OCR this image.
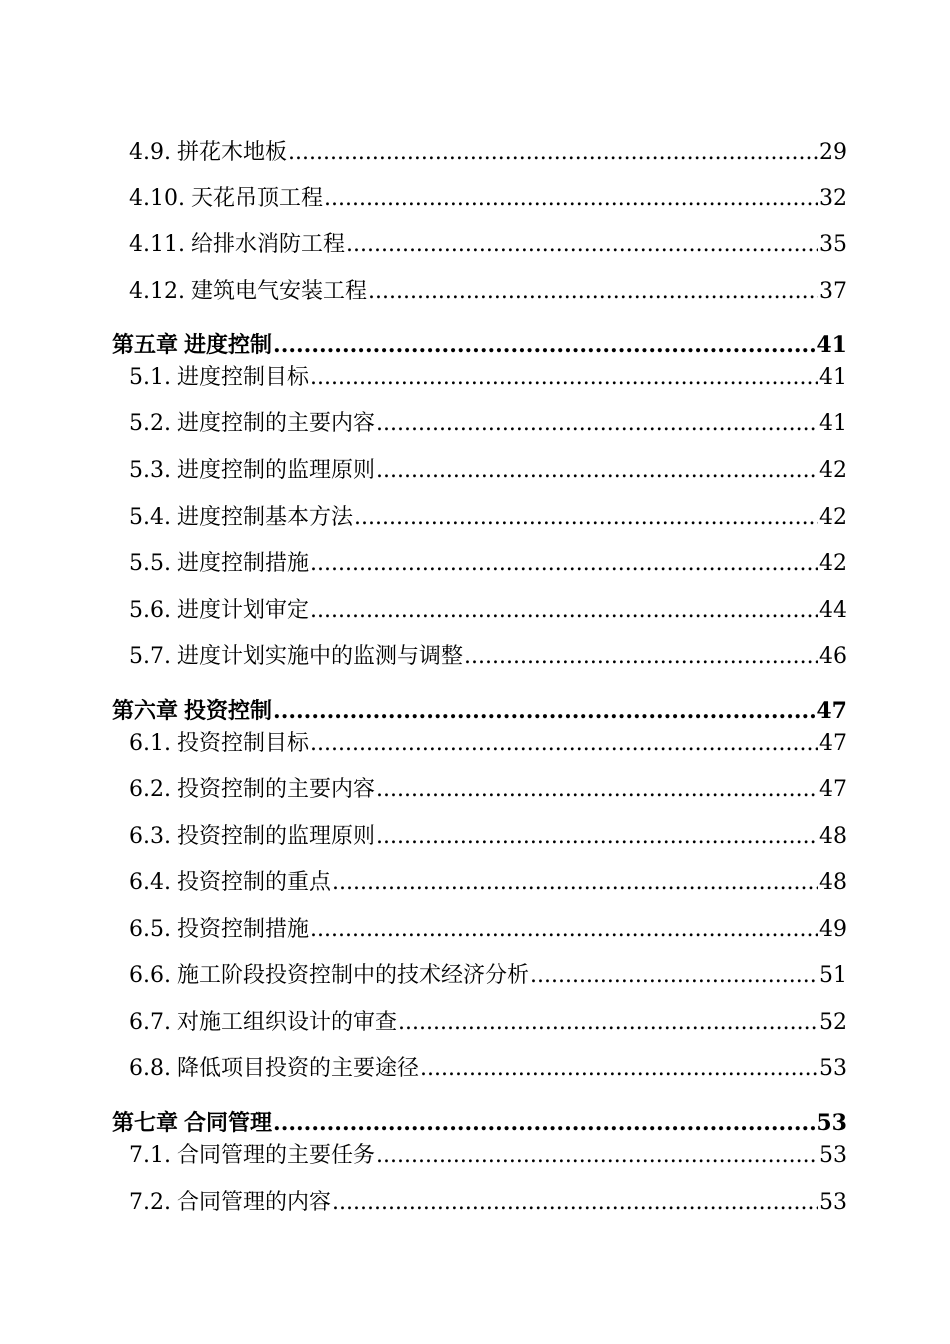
4.9. 拼花木地板 .....	29
4.10. 天花吊顶工程 .....	32
4.11. 给排水消防工程 .....	35
4.12. 建筑电气安装工程 .....	37
第五章 进度控制 .....	41
5.1. 进度控制目标 .....	41
5.2. 进度控制的主要内容 .....	41
5.3. 进度控制的监理原则 .....	42
5.4. 进度控制基本方法 .....	42
5.5. 进度控制措施 .....	42
5.6. 进度计划审定 .....	44
5.7. 进度计划实施中的监测与调整 .....	46
第六章 投资控制 .....	47
6.1. 投资控制目标 .....	47
6.2. 投资控制的主要内容 .....	47
6.3. 投资控制的监理原则 .....	48
6.4. 投资控制的重点 .....	48
6.5. 投资控制措施 .....	49
6.6. 施工阶段投资控制中的技术经济分析 .....	51
6.7. 对施工组织设计的审查 .....	52
6.8. 降低项目投资的主要途径 .....	53
第七章 合同管理 .....	53
7.1. 合同管理的主要任务 .....	53
7.2. 合同管理的内容 .....	53
